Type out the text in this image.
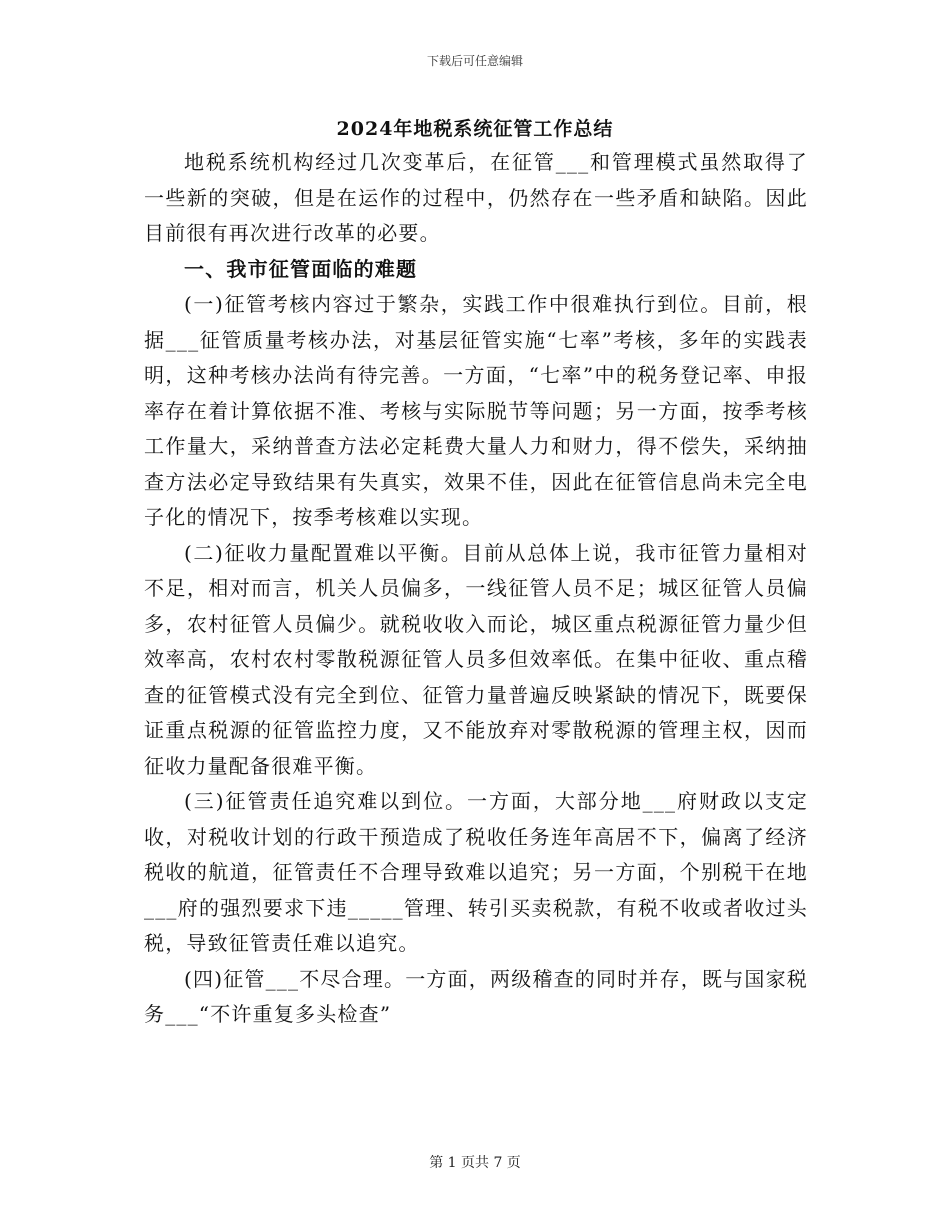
下载后可任意编辑
2024年地税系统征管工作总结

地税系统机构经过几次变革后，在征管___和管理模式虽然取得了一些新的突破，但是在运作的过程中，仍然存在一些矛盾和缺陷。因此目前很有再次进行改革的必要。

一、我市征管面临的难题

(一)征管考核内容过于繁杂，实践工作中很难执行到位。目前，根据___征管质量考核办法，对基层征管实施“七率”考核，多年的实践表明，这种考核办法尚有待完善。一方面，“七率”中的税务登记率、申报率存在着计算依据不准、考核与实际脱节等问题；另一方面，按季考核工作量大，采纳普查方法必定耗费大量人力和财力，得不偿失，采纳抽查方法必定导致结果有失真实，效果不佳，因此在征管信息尚未完全电子化的情况下，按季考核难以实现。

(二)征收力量配置难以平衡。目前从总体上说，我市征管力量相对不足，相对而言，机关人员偏多，一线征管人员不足；城区征管人员偏多，农村征管人员偏少。就税收收入而论，城区重点税源征管力量少但效率高，农村农村零散税源征管人员多但效率低。在集中征收、重点稽查的征管模式没有完全到位、征管力量普遍反映紧缺的情况下，既要保证重点税源的征管监控力度，又不能放弃对零散税源的管理主权，因而征收力量配备很难平衡。

(三)征管责任追究难以到位。一方面，大部分地___府财政以支定收，对税收计划的行政干预造成了税收任务连年高居不下，偏离了经济税收的航道，征管责任不合理导致难以追究；另一方面，个别税干在地___府的强烈要求下违_____管理、转引买卖税款，有税不收或者收过头税，导致征管责任难以追究。

(四)征管___不尽合理。一方面，两级稽查的同时并存，既与国家税务___“不许重复多头检查”

第 1 页共 7 页
